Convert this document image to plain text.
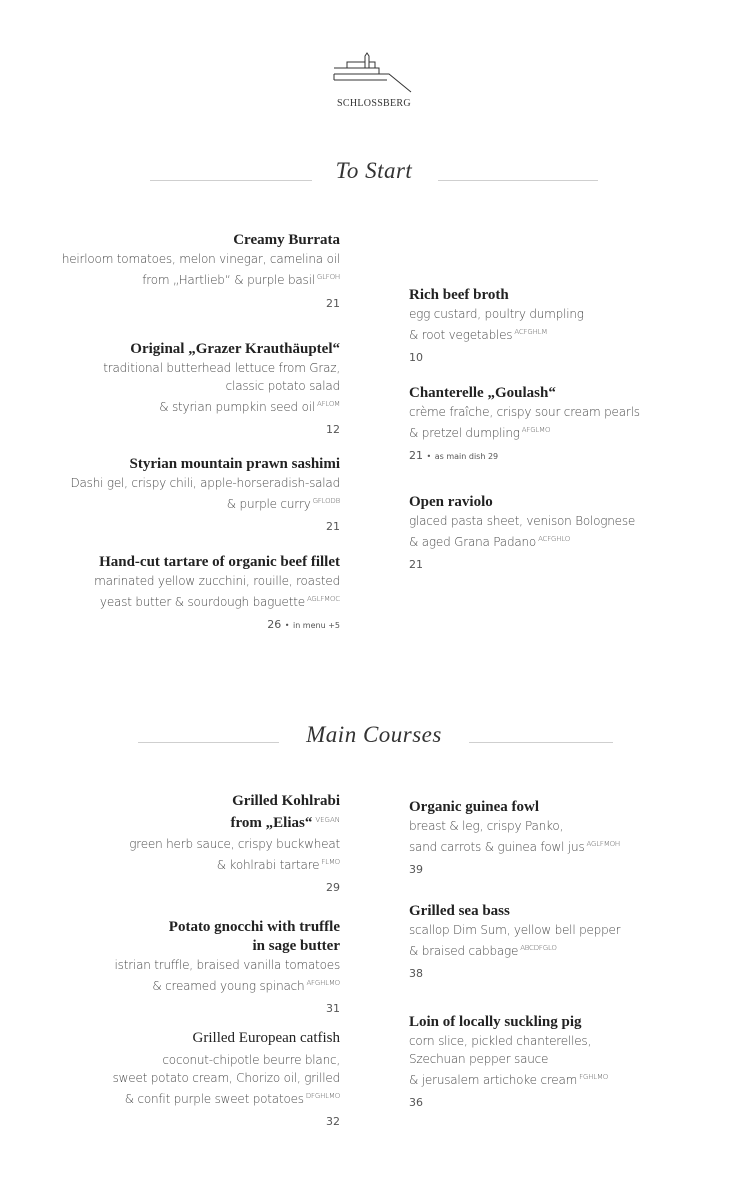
SCHLOSSBERG
To Start
Creamy Burrata
heirloom tomatoes, melon vinegar, camelina oil
from „Hartlieb“ & purple basil $^{GLFOH}$
21
Original „Grazer Krauthäuptel“
traditional butterhead lettuce from Graz,
classic potato salad
& styrian pumpkin seed oil $^{AFLOM}$
12
Styrian mountain prawn sashimi
Dashi gel, crispy chili, apple-horseradish-salad
& purple curry $^{GFLODB}$
21
Hand-cut tartare of organic beef fillet
marinated yellow zucchini, rouille, roasted
yeast butter & sourdough baguette $^{AGLFMOC}$
26 • in menu +5
Rich beef broth
egg custard, poultry dumpling
& root vegetables $^{ACFGHLM}$
10
Chanterelle „Goulash“
crème fraîche, crispy sour cream pearls
& pretzel dumpling $^{AFGLMO}$
21 • as main dish 29
Open raviolo
glaced pasta sheet, venison Bolognese
& aged Grana Padano $^{ACFGHLO}$
21
Main Courses
Grilled Kohlrabi
from „Elias“ $^{VEGAN}$
green herb sauce, crispy buckwheat
& kohlrabi tartare $^{FLMO}$
29
Potato gnocchi with truffle
in sage butter
istrian truffle, braised vanilla tomatoes
& creamed young spinach $^{AFGHLMO}$
31
Grilled European catfish
coconut-chipotle beurre blanc,
sweet potato cream, Chorizo oil, grilled
& confit purple sweet potatoes $^{DFGHLMO}$
32
Organic guinea fowl
breast & leg, crispy Panko,
sand carrots & guinea fowl jus $^{AGLFMOH}$
39
Grilled sea bass
scallop Dim Sum, yellow bell pepper
& braised cabbage $^{ABCDFGLO}$
38
Loin of locally suckling pig
corn slice, pickled chanterelles,
Szechuan pepper sauce
& jerusalem artichoke cream $^{FGHLMO}$
36
